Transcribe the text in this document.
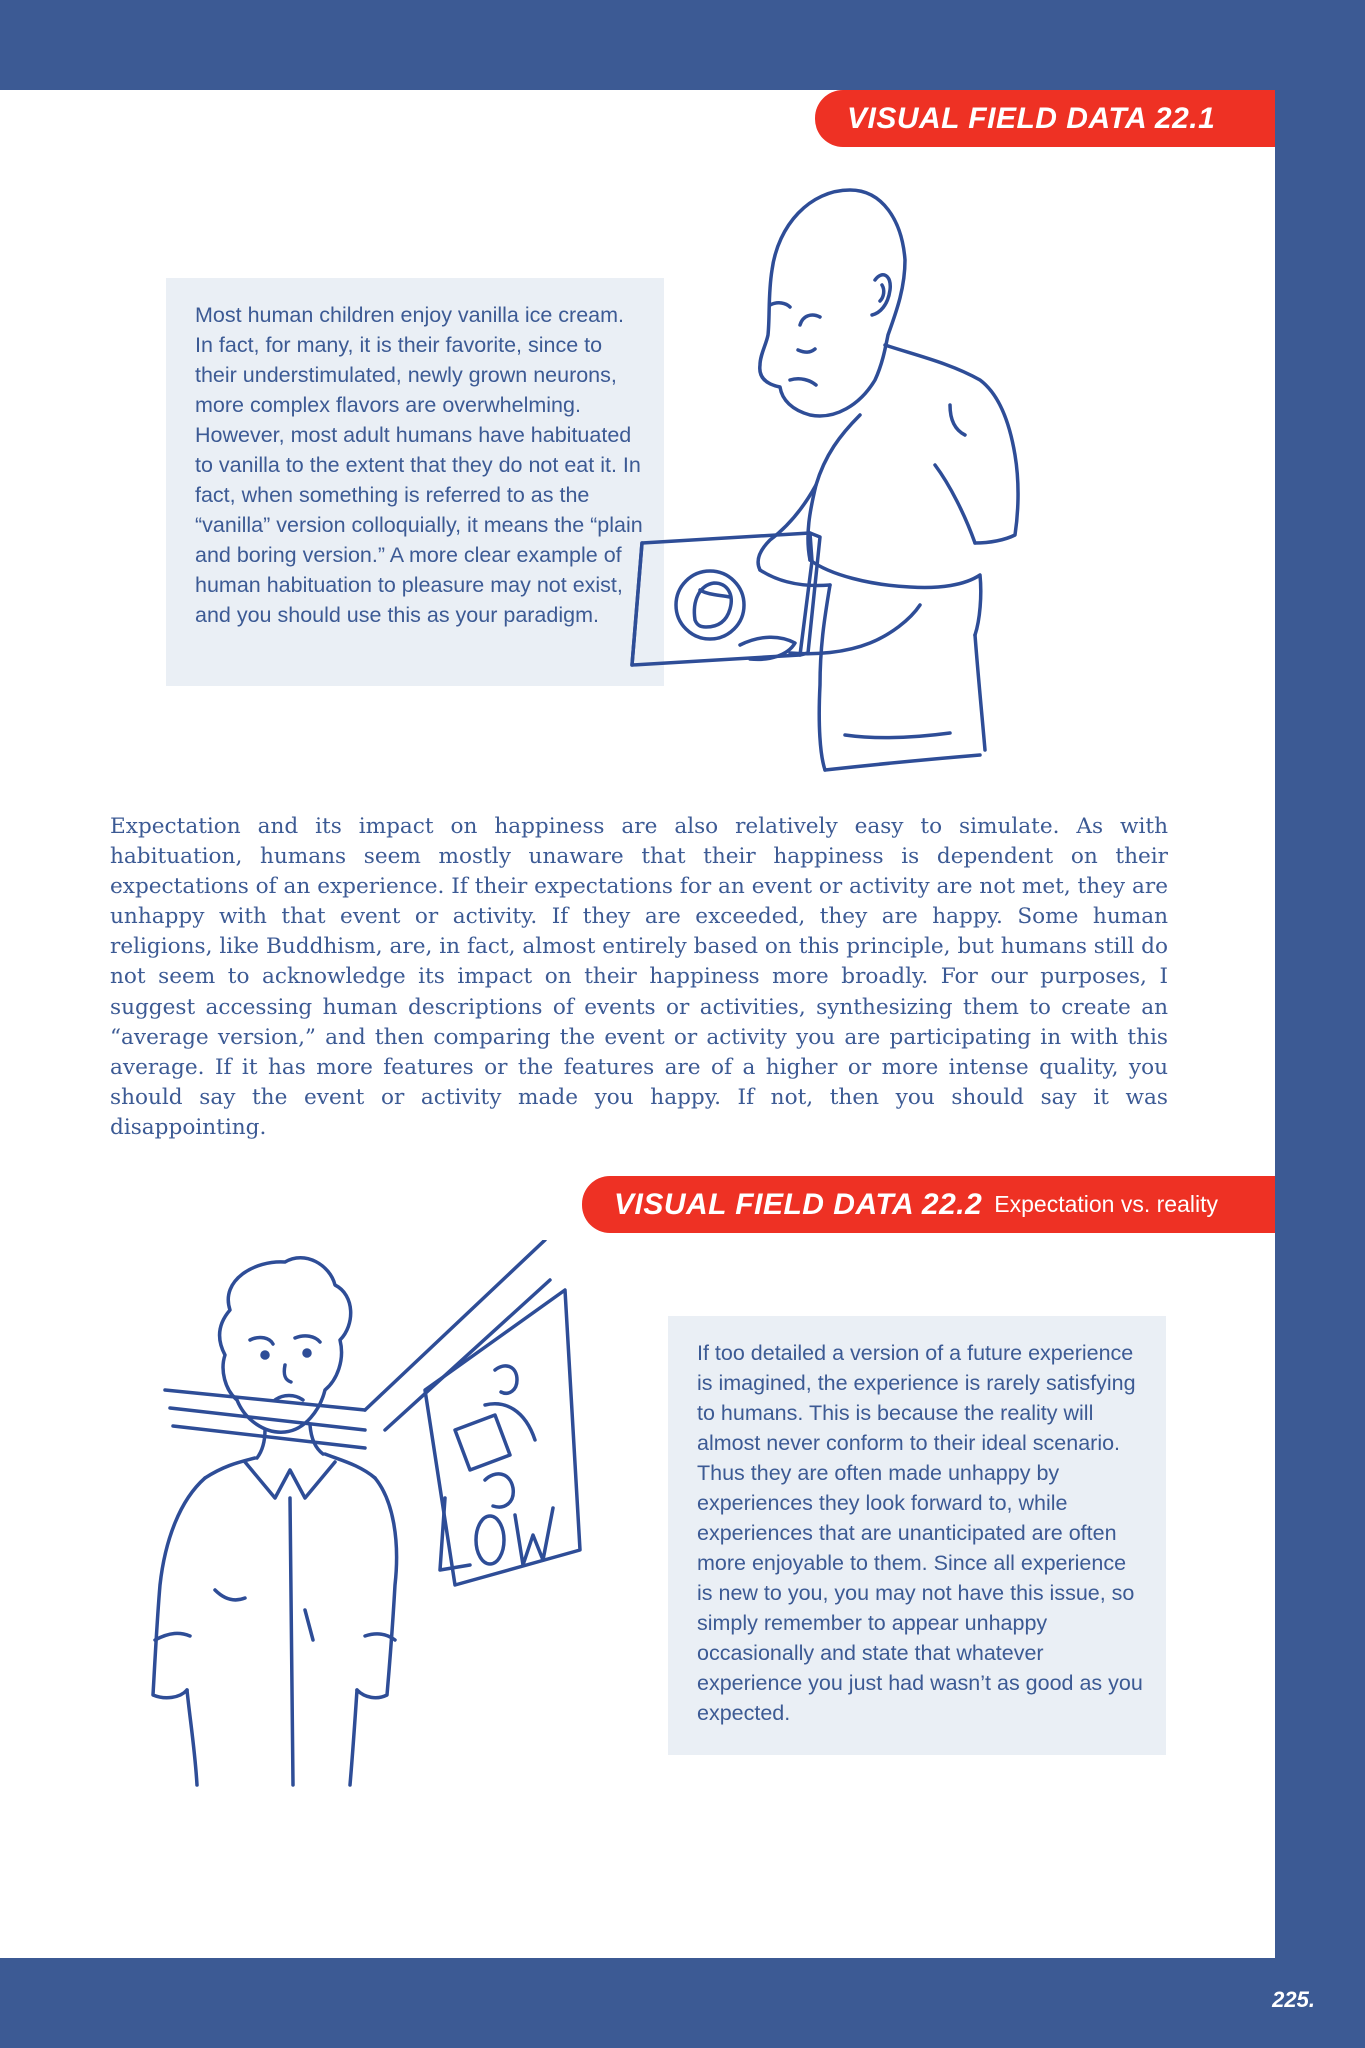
VISUAL FIELD DATA 22.1

Most human children enjoy vanilla ice cream. In fact, for many, it is their favorite, since to their understimulated, newly grown neurons, more complex flavors are overwhelming. However, most adult humans have habituated to vanilla to the extent that they do not eat it. In fact, when something is referred to as the “vanilla” version colloquially, it means the “plain and boring version.” A more clear example of human habituation to pleasure may not exist, and you should use this as your paradigm.

Expectation and its impact on happiness are also relatively easy to simulate. As with habituation, humans seem mostly unaware that their happiness is dependent on their expectations of an experience. If their expectations for an event or activity are not met, they are unhappy with that event or activity. If they are exceeded, they are happy. Some human religions, like Buddhism, are, in fact, almost entirely based on this principle, but humans still do not seem to acknowledge its impact on their happiness more broadly. For our purposes, I suggest accessing human descriptions of events or activities, synthesizing them to create an “average version,” and then comparing the event or activity you are participating in with this average. If it has more features or the features are of a higher or more intense quality, you should say the event or activity made you happy. If not, then you should say it was disappointing.

VISUAL FIELD DATA 22.2 Expectation vs. reality

If too detailed a version of a future experience is imagined, the experience is rarely satisfying to humans. This is because the reality will almost never conform to their ideal scenario. Thus they are often made unhappy by experiences they look forward to, while experiences that are unanticipated are often more enjoyable to them. Since all experience is new to you, you may not have this issue, so simply remember to appear unhappy occasionally and state that whatever experience you just had wasn’t as good as you expected.

225.
